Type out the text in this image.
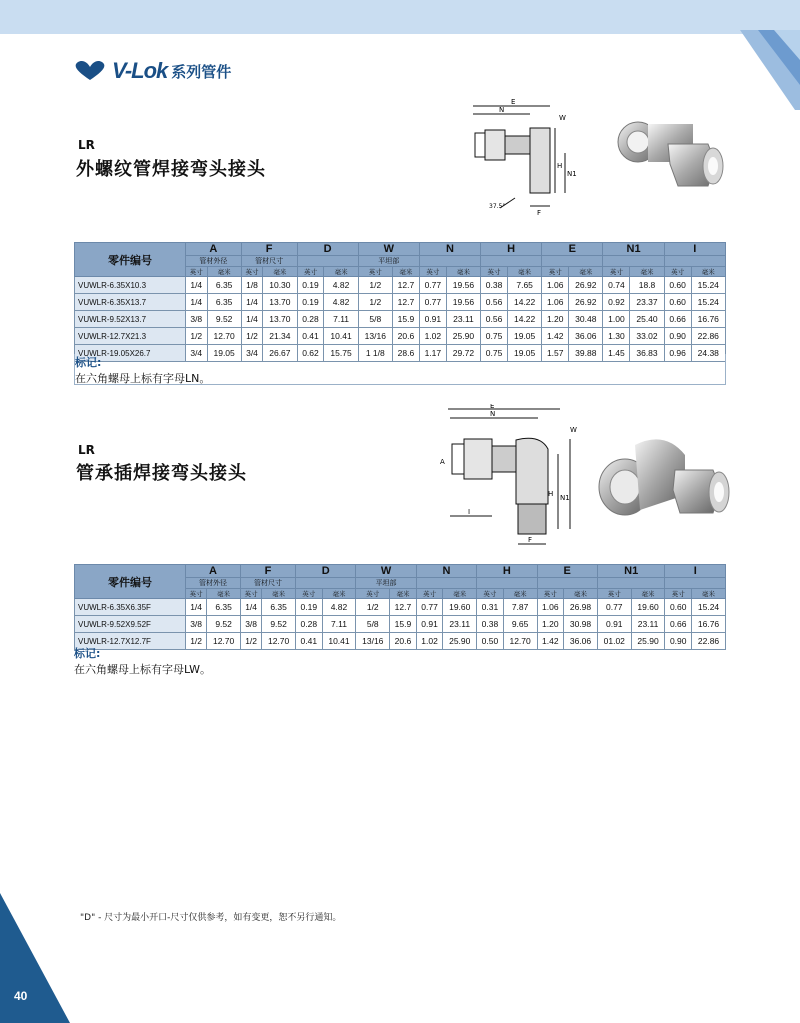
V-Lok 系列管件
LR
外螺纹管焊接弯头接头
E
N
W
H
N1
F
37.5°
零件编号	A		F		D		W		N		H		E		N1		I	
	管材外径		管材尺寸				平坦部											
	英寸	毫米	英寸	毫米	英寸	毫米	英寸	毫米	英寸	毫米	英寸	毫米	英寸	毫米	英寸	毫米	英寸	毫米
VUWLR-6.35X10.3	1/4	6.35	1/8	10.30	0.19	4.82	1/2	12.7	0.77	19.56	0.38	7.65	1.06	26.92	0.74	18.8	0.60	15.24
VUWLR-6.35X13.7	1/4	6.35	1/4	13.70	0.19	4.82	1/2	12.7	0.77	19.56	0.56	14.22	1.06	26.92	0.92	23.37	0.60	15.24
VUWLR-9.52X13.7	3/8	9.52	1/4	13.70	0.28	7.11	5/8	15.9	0.91	23.11	0.56	14.22	1.20	30.48	1.00	25.40	0.66	16.76
VUWLR-12.7X21.3	1/2	12.70	1/2	21.34	0.41	10.41	13/16	20.6	1.02	25.90	0.75	19.05	1.42	36.06	1.30	33.02	0.90	22.86
VUWLR-19.05X26.7	3/4	19.05	3/4	26.67	0.62	15.75	1 1/8	28.6	1.17	29.72	0.75	19.05	1.57	39.88	1.45	36.83	0.96	24.38
标记:
在六角螺母上标有字母LN。
LR
管承插焊接弯头接头
E
N
W
A
H N1
I
F
零件编号	A		F		D		W		N		H		E		N1		I	
	管材外径		管材尺寸				平坦部											
	英寸	毫米	英寸	毫米	英寸	毫米	英寸	毫米	英寸	毫米	英寸	毫米	英寸	毫米	英寸	毫米	英寸	毫米
VUWLR-6.35X6.35F	1/4	6.35	1/4	6.35	0.19	4.82	1/2	12.7	0.77	19.60	0.31	7.87	1.06	26.98	0.77	19.60	0.60	15.24
VUWLR-9.52X9.52F	3/8	9.52	3/8	9.52	0.28	7.11	5/8	15.9	0.91	23.11	0.38	9.65	1.20	30.98	0.91	23.11	0.66	16.76
VUWLR-12.7X12.7F	1/2	12.70	1/2	12.70	0.41	10.41	13/16	20.6	1.02	25.90	0.50	12.70	1.42	36.06	01.02	25.90	0.90	22.86
标记:
在六角螺母上标有字母LW。
"D" - 尺寸为最小开口-尺寸仅供参考，如有变更，恕不另行通知。
40
